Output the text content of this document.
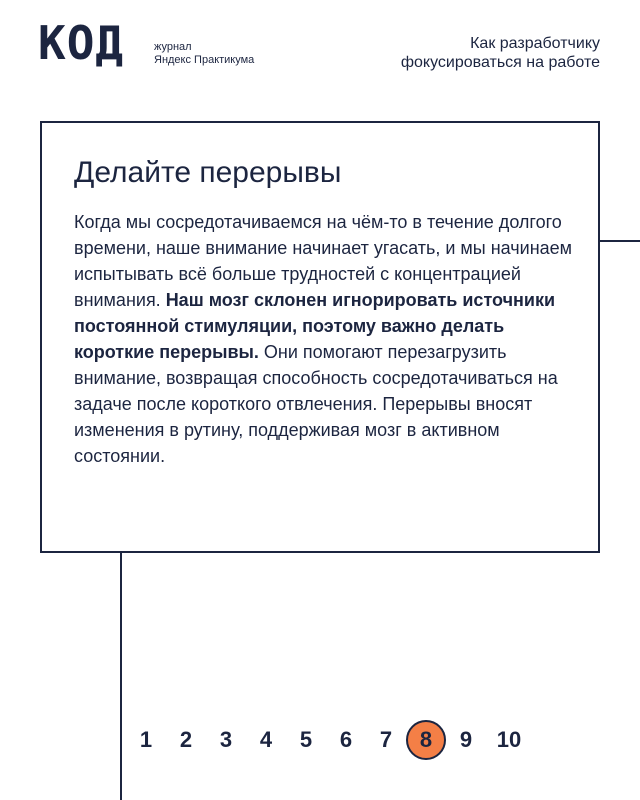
КОД	журнал
Яндекс Практикума
Как разработчику
фокусироваться на работе
Делайте перерывы

Когда мы сосредотачиваемся на чём-то в течение долгого времени, наше внимание начинает угасать, и мы начинаем испытывать всё больше трудностей с концентрацией внимания. Наш мозг склонен игнорировать источники постоянной стимуляции, поэтому важно делать короткие перерывы. Они помогают перезагрузить внимание, возвращая способность сосредотачиваться на задаче после короткого отвлечения. Перерывы вносят изменения в рутину, поддерживая мозг в активном состоянии.

1	2	3	4	5	6	7	8	9	10
